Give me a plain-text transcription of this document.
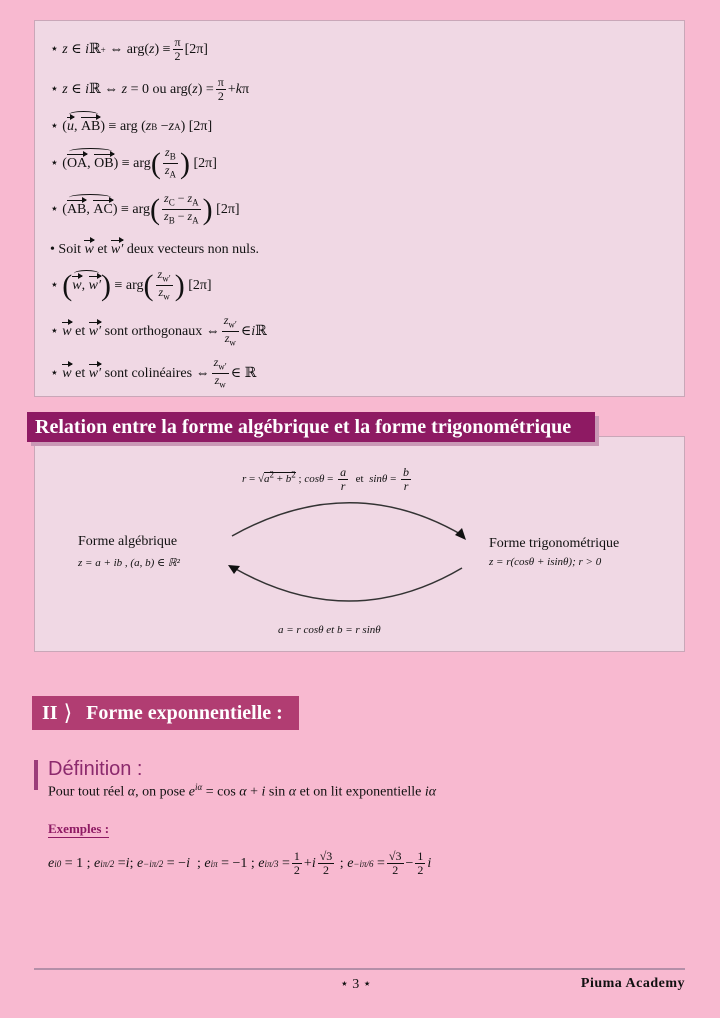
⋆ z ∈ i ℝ + ⇔ arg( z ) ≡ $\frac{\pi}{2} [2\pi]$
⋆ z ∈ i ℝ ⇔ z = 0 ou arg( z ) = $\frac{\pi}{2} + k$ π
⋆ ( u, AB ) ≡ arg ( z B − z A ) [2π]
⋆ ( OA, OB ) ≡ arg ( $\frac{z_B}{z_A}$ ) [2π]
⋆ ( AB, AC ) ≡ arg ( $\frac{z_C - z_A}{z_B - z_A}$ ) [2π]
• Soit w et w′ deux vecteurs non nuls.
⋆ ( w, w′ ) ≡ arg ( $\frac{z_{w'}}{z_w}$ ) [2π]
⋆ w et w′ sont orthogonaux ⇔ $\frac{z_{w'}}{z_w}$ ∈ i ℝ
⋆ w et w′ sont colinéaires ⇔ $\frac{z_{w'}}{z_w}$ ∈ ℝ
Relation entre la forme algébrique et la forme trigonométrique
$r = √a^2 + b^2$ ; $\cos\theta = \frac{a}{r}$ et  $\sin\theta = \frac{b}{r}$
Forme algébrique
z = a + ib , (a, b) ∈ ℝ²
Forme trigonométrique
z = r(cosθ + isinθ); r > 0
a = r cosθ et b = r sinθ
II ⟩ Forme exponnentielle :
Définition :
Pour tout réel α, on pose $e^{i\alpha} = \cos \alpha + i$ sin α et on lit exponentielle iα
Exemples :
e i0 = 1 ; e iπ/2 = i ; e −iπ/2 = − i ; e iπ = −1 ; e $i\pi/3 = \frac{1}{2} + i \frac{√3}{2}$ ; $e -i\pi/6 = \frac{√3}{2} - \frac{1}{2}$ i
⋆ 3 ⋆	Piuma Academy
